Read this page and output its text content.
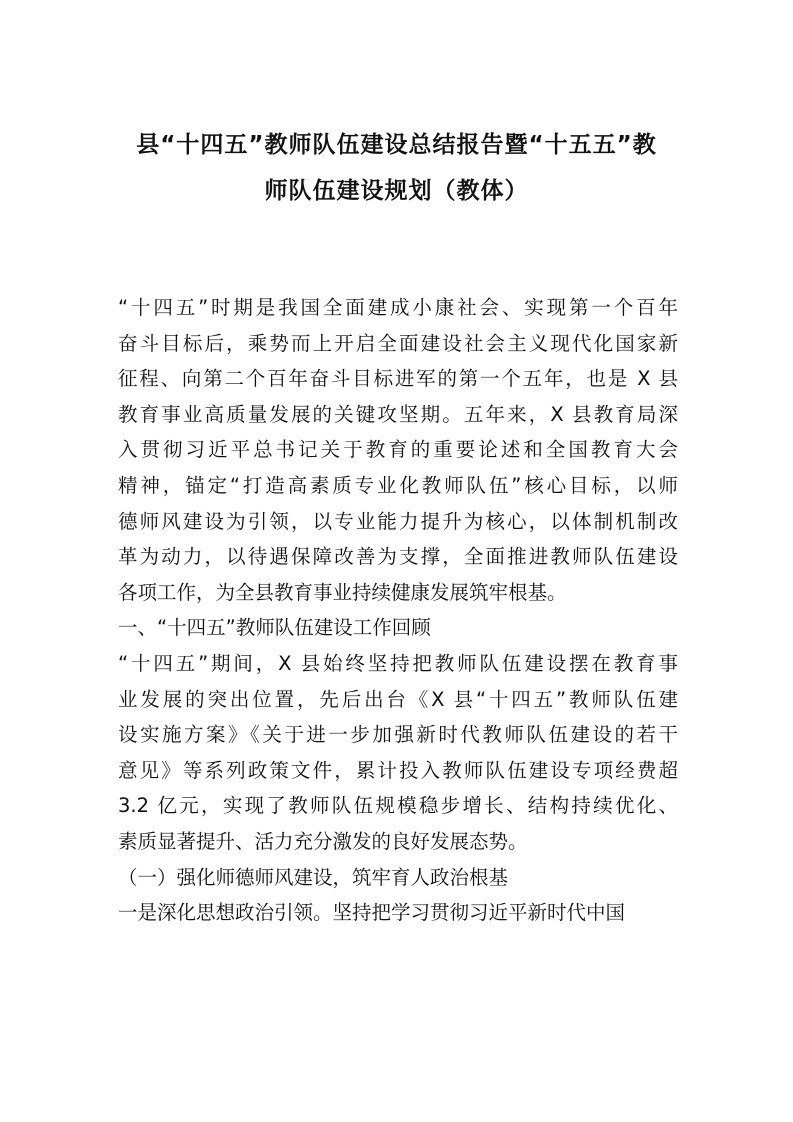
县“十四五”教师队伍建设总结报告暨“十五五”教
师队伍建设规划（教体）

“十四五”时期是我国全面建成小康社会、实现第一个百年
奋斗目标后，乘势而上开启全面建设社会主义现代化国家新
征程、向第二个百年奋斗目标进军的第一个五年，也是 X 县
教育事业高质量发展的关键攻坚期。五年来，X 县教育局深
入贯彻习近平总书记关于教育的重要论述和全国教育大会
精神，锚定“打造高素质专业化教师队伍”核心目标，以师
德师风建设为引领，以专业能力提升为核心，以体制机制改
革为动力，以待遇保障改善为支撑，全面推进教师队伍建设
各项工作，为全县教育事业持续健康发展筑牢根基。

一、“十四五”教师队伍建设工作回顾

“十四五”期间，X 县始终坚持把教师队伍建设摆在教育事
业发展的突出位置，先后出台《X 县“十四五”教师队伍建
设实施方案》《关于进一步加强新时代教师队伍建设的若干
意见》等系列政策文件，累计投入教师队伍建设专项经费超
3.2 亿元，实现了教师队伍规模稳步增长、结构持续优化、
素质显著提升、活力充分激发的良好发展态势。

（一）强化师德师风建设，筑牢育人政治根基

一是深化思想政治引领。坚持把学习贯彻习近平新时代中国
